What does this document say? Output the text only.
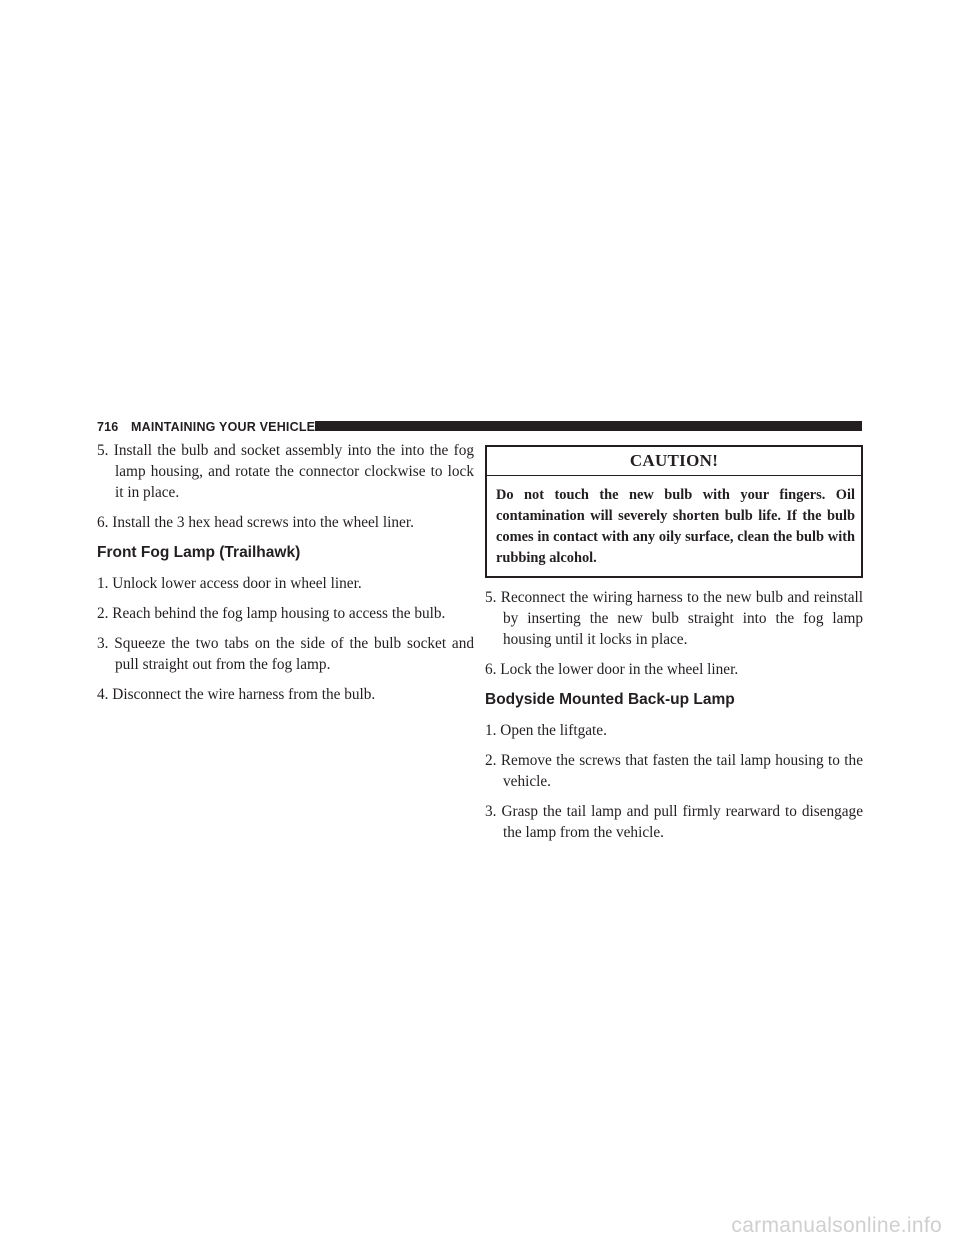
716 MAINTAINING YOUR VEHICLE

5. Install the bulb and socket assembly into the into the fog lamp housing, and rotate the connector clockwise to lock it in place.

6. Install the 3 hex head screws into the wheel liner.

Front Fog Lamp (Trailhawk)

1. Unlock lower access door in wheel liner.

2. Reach behind the fog lamp housing to access the bulb.

3. Squeeze the two tabs on the side of the bulb socket and pull straight out from the fog lamp.

4. Disconnect the wire harness from the bulb.

CAUTION!
Do not touch the new bulb with your fingers. Oil contamination will severely shorten bulb life. If the bulb comes in contact with any oily surface, clean the bulb with rubbing alcohol.

5. Reconnect the wiring harness to the new bulb and reinstall by inserting the new bulb straight into the fog lamp housing until it locks in place.

6. Lock the lower door in the wheel liner.

Bodyside Mounted Back-up Lamp

1. Open the liftgate.

2. Remove the screws that fasten the tail lamp housing to the vehicle.

3. Grasp the tail lamp and pull firmly rearward to disengage the lamp from the vehicle.

carmanualsonline.info
